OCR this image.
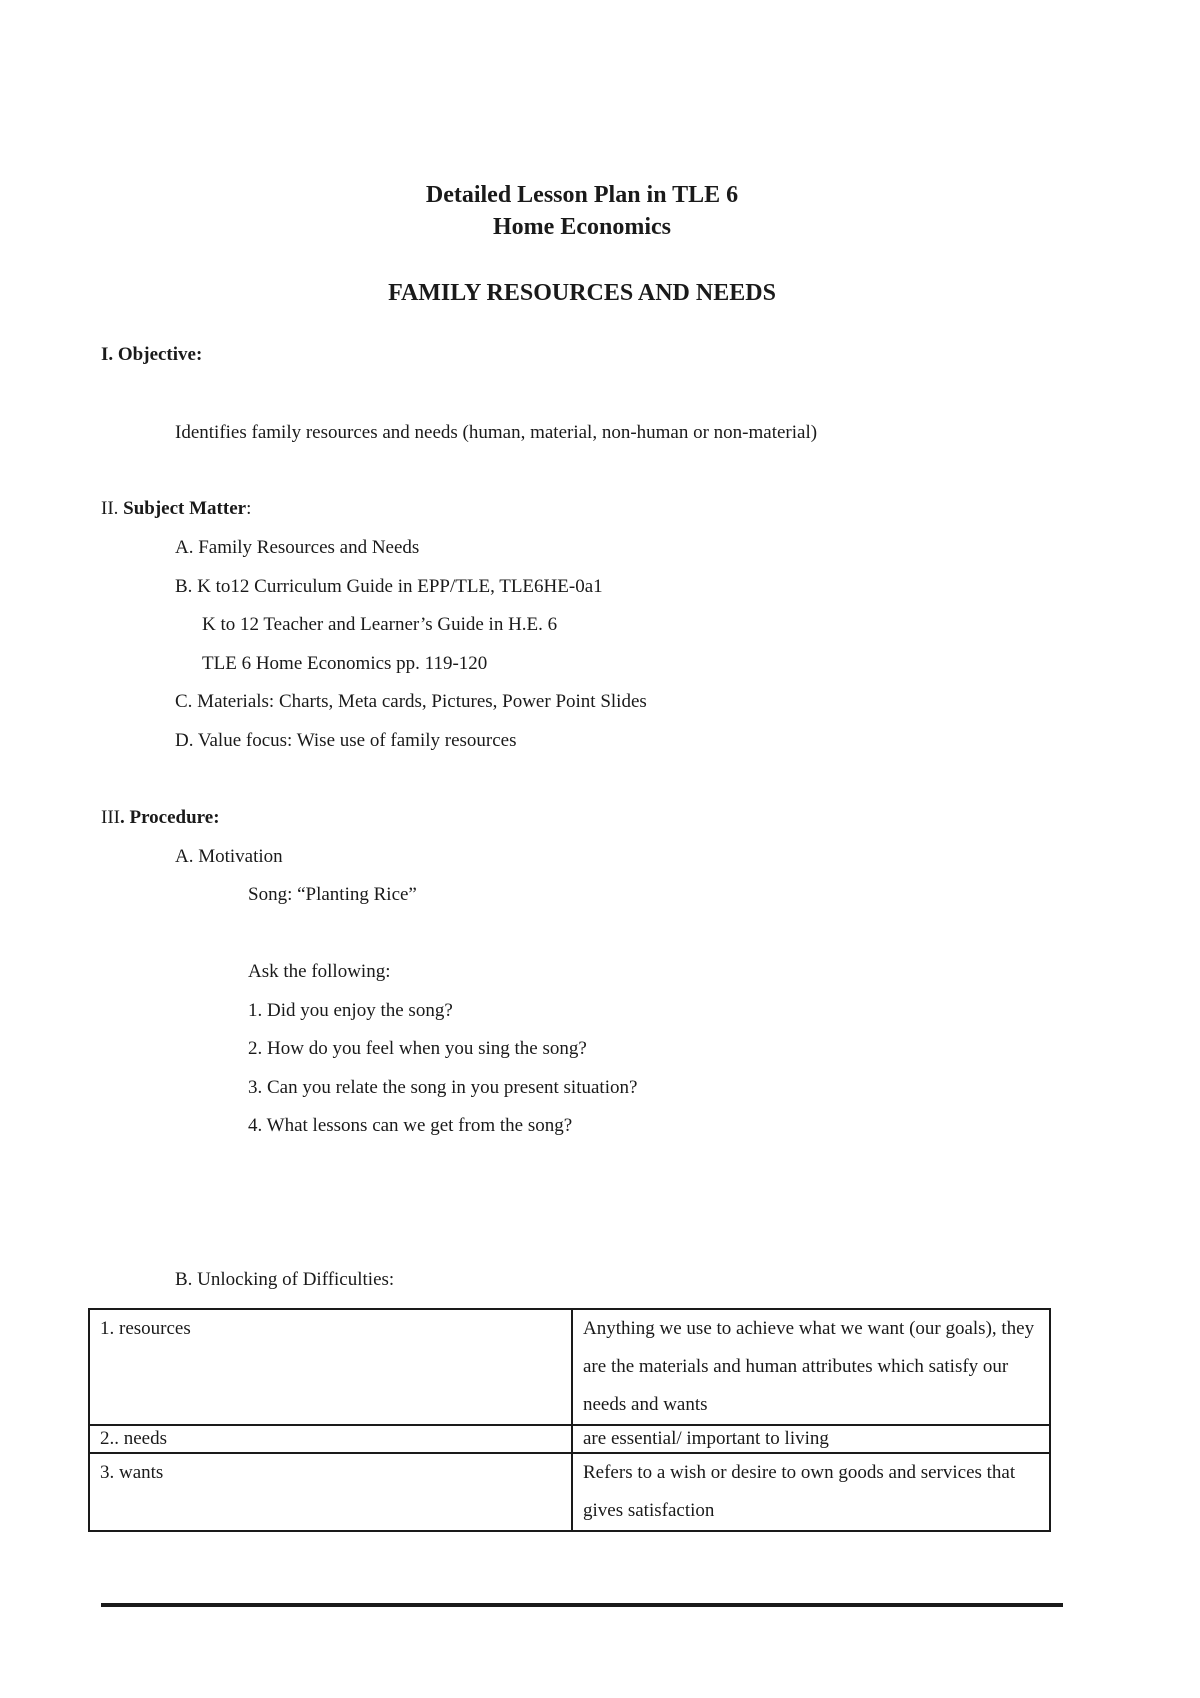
Detailed Lesson Plan in TLE 6
Home Economics
FAMILY RESOURCES AND NEEDS
I. Objective:
Identifies family resources and needs (human, material, non-human or non-material)
II. Subject Matter:
A. Family Resources and Needs
B. K to12 Curriculum Guide in EPP/TLE, TLE6HE-0a1
K to 12 Teacher and Learner’s Guide in H.E. 6
TLE 6 Home Economics pp. 119-120
C. Materials: Charts, Meta cards, Pictures, Power Point Slides
D. Value focus: Wise use of family resources
III. Procedure:
A. Motivation
Song: “Planting Rice”
Ask the following:
1. Did you enjoy the song?
2. How do you feel when you sing the song?
3. Can you relate the song in you present situation?
4. What lessons can we get from the song?
B. Unlocking of Difficulties:
1. resources	Anything we use to achieve what we want (our goals), they are the materials and human attributes which satisfy our needs and wants
2.. needs	are essential/ important to living
3. wants	Refers to a wish or desire to own goods and services that gives satisfaction
